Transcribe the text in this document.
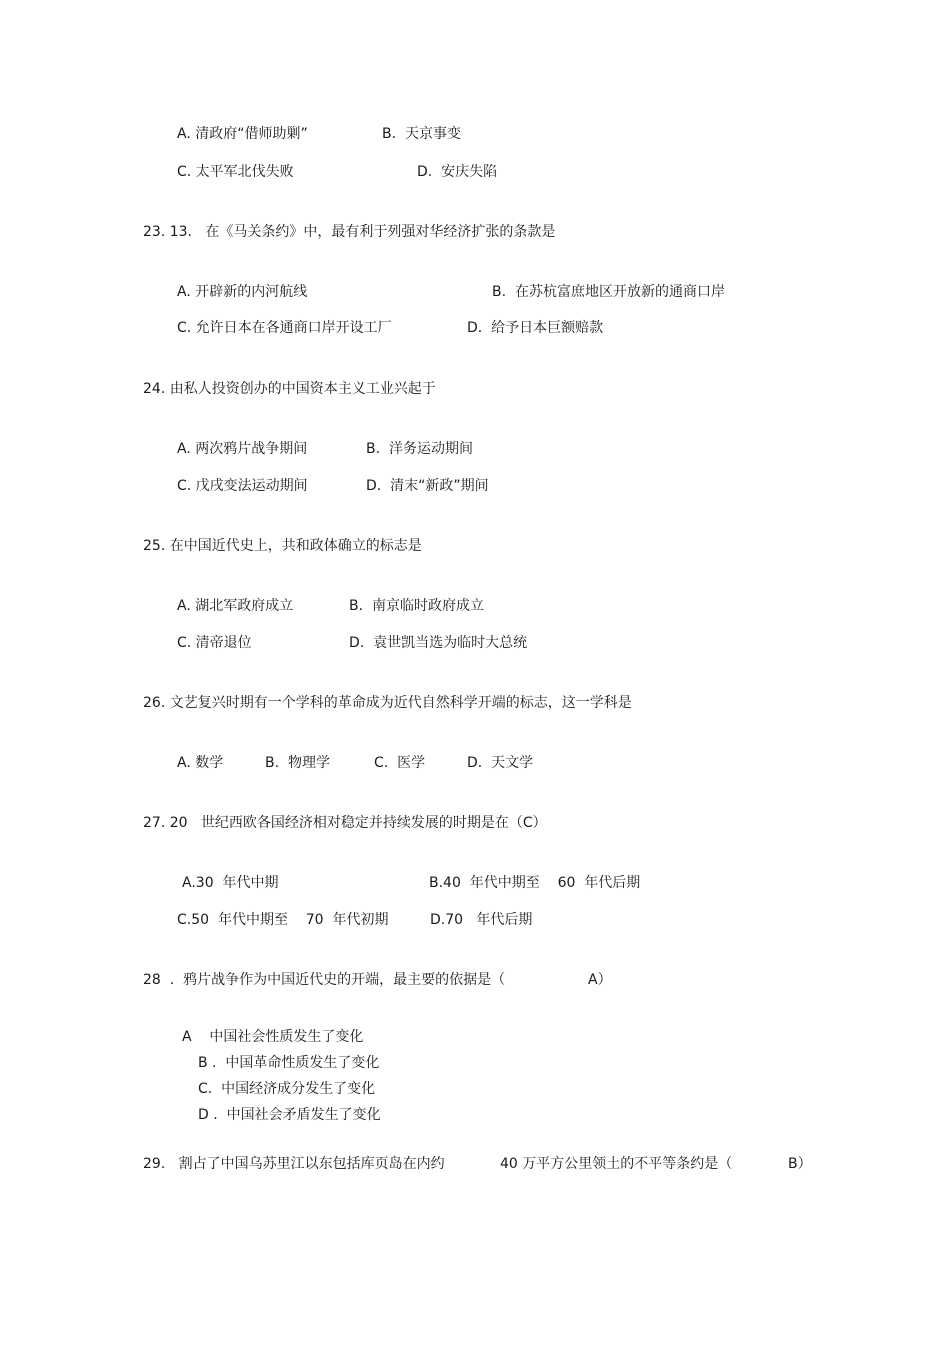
A. 清政府“借师助剿”	B.  天京事变
C. 太平军北伐失败	D.  安庆失陷
23. 13.   在《马关条约》中，最有利于列强对华经济扩张的条款是
A. 开辟新的内河航线	B.  在苏杭富庶地区开放新的通商口岸
C. 允许日本在各通商口岸开设工厂	D.  给予日本巨额赔款
24. 由私人投资创办的中国资本主义工业兴起于
A. 两次鸦片战争期间	B.  洋务运动期间
C. 戊戌变法运动期间	D.  清末“新政”期间
25. 在中国近代史上，共和政体确立的标志是
A. 湖北军政府成立	B.  南京临时政府成立
C. 清帝退位	D.  袁世凯当选为临时大总统
26. 文艺复兴时期有一个学科的革命成为近代自然科学开端的标志，这一学科是
A. 数学	B.  物理学	C.  医学	D.  天文学
27. 20   世纪西欧各国经济相对稳定并持续发展的时期是在（C）
A.30  年代中期	B.40  年代中期至    60  年代后期
C.50  年代中期至    70  年代初期	D.70   年代后期
28  .  鸦片战争作为中国近代史的开端，最主要的依据是（	A）
A    中国社会性质发生了变化
B .  中国革命性质发生了变化
C.  中国经济成分发生了变化
D .  中国社会矛盾发生了变化
29.   割占了中国乌苏里江以东包括库页岛在内约	40 万平方公里领土的不平等条约是（	B）
